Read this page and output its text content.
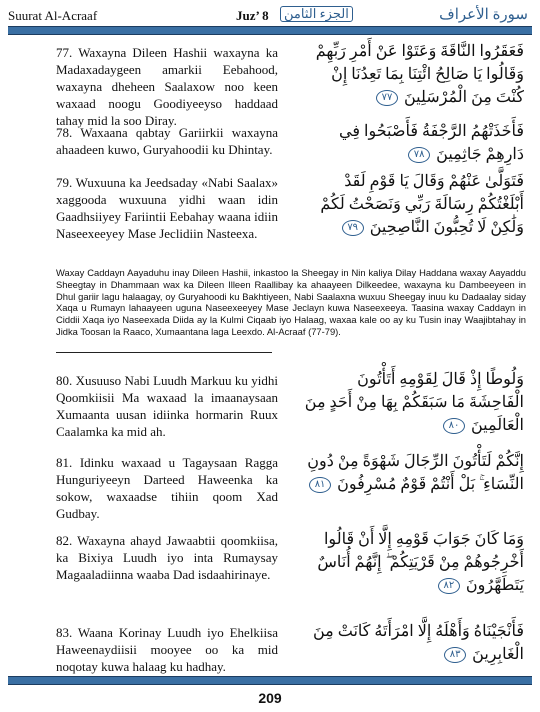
Suurat Al-Acraaf	Juz’ 8	الجزء الثامن	سورة الأعراف
77. Waxayna Dileen Hashii waxayna ka Madaxadaygeen amarkii Eebahood, waxayna dheheen Saalaxow noo keen waxaad noogu Goodiyeeyso haddaad tahay mid la soo Diray.
فَعَقَرُوا النَّاقَةَ وَعَتَوْا عَنْ أَمْرِ رَبِّهِمْ وَقَالُوا يَا صَالِحُ ائْتِنَا بِمَا تَعِدُنَا إِنْ كُنْتَ مِنَ الْمُرْسَلِينَ ٧٧
78. Waxaana qabtay Gariirkii waxayna ahaadeen kuwo, Guryahoodii ku Dhintay.
فَأَخَذَتْهُمُ الرَّجْفَةُ فَأَصْبَحُوا فِي دَارِهِمْ جَاثِمِينَ ٧٨
79. Wuxuuna ka Jeedsaday «Nabi Saalax» xaggooda wuxuuna yidhi waan idin Gaadhsiiyey Fariintii Eebahay waana idiin Naseexeeyey Mase Jeclidiin Nasteexa.
فَتَوَلَّىٰ عَنْهُمْ وَقَالَ يَا قَوْمِ لَقَدْ أَبْلَغْتُكُمْ رِسَالَةَ رَبِّي وَنَصَحْتُ لَكُمْ وَلَٰكِنْ لَا تُحِبُّونَ النَّاصِحِينَ ٧٩
Waxay Caddayn Aayaduhu inay Dileen Hashii, inkastoo la Sheegay in Nin kaliya Dilay Haddana waxay Aayaddu Sheegtay in Dhammaan wax ka Dileen Illeen Raallibay ka ahaayeen Dilkeedee, waxayna ku Dambeeyeen in Dhul gariir lagu halaagay, oy Guryahoodi ku Bakhtiyeen, Nabi Saalaxna wuxuu Sheegay inuu ku Dadaalay siday Xaqa u Rumayn lahaayeen uguna Naseexeeyey Mase Jeclayn kuwa Naseexeeya. Taasina waxay Caddayn in Ciddii Xaqa iyo Naseexada Diida ay la Kulmi Ciqaab iyo Halaag, waxaa kale oo ay ku Tusin inay Waajibtahay in Jidka Toosan la Raaco, Xumaantana laga Leexdo. Al-Acraaf (77-79).
80. Xusuuso Nabi Luudh Markuu ku yidhi Qoomkiisii Ma waxaad la imaanaysaan Xumaanta uusan idiinka hormarin Ruux Caalamka ka mid ah.
وَلُوطًا إِذْ قَالَ لِقَوْمِهِ أَتَأْتُونَ الْفَاحِشَةَ مَا سَبَقَكُمْ بِهَا مِنْ أَحَدٍ مِنَ الْعَالَمِينَ ٨٠
81. Idinku waxaad u Tagaysaan Ragga Hunguriyeeyn Darteed Haweenka ka sokow, waxaadse tihiin qoom Xad Gudbay.
إِنَّكُمْ لَتَأْتُونَ الرِّجَالَ شَهْوَةً مِنْ دُونِ النِّسَاءِ ۚ بَلْ أَنْتُمْ قَوْمٌ مُسْرِفُونَ ٨١
82. Waxayna ahayd Jawaabtii qoomkiisa, ka Bixiya Luudh iyo inta Rumaysay Magaaladiinna waaba Dad isdaahirinaye.
وَمَا كَانَ جَوَابَ قَوْمِهِ إِلَّا أَنْ قَالُوا أَخْرِجُوهُمْ مِنْ قَرْيَتِكُمْ ۖ إِنَّهُمْ أُنَاسٌ يَتَطَهَّرُونَ ٨٢
83. Waana Korinay Luudh iyo Ehelkiisa Haweenaydiisii mooyee oo ka mid noqotay kuwa halaag ku hadhay.
فَأَنْجَيْنَاهُ وَأَهْلَهُ إِلَّا امْرَأَتَهُ كَانَتْ مِنَ الْغَابِرِينَ ٨٣
209
